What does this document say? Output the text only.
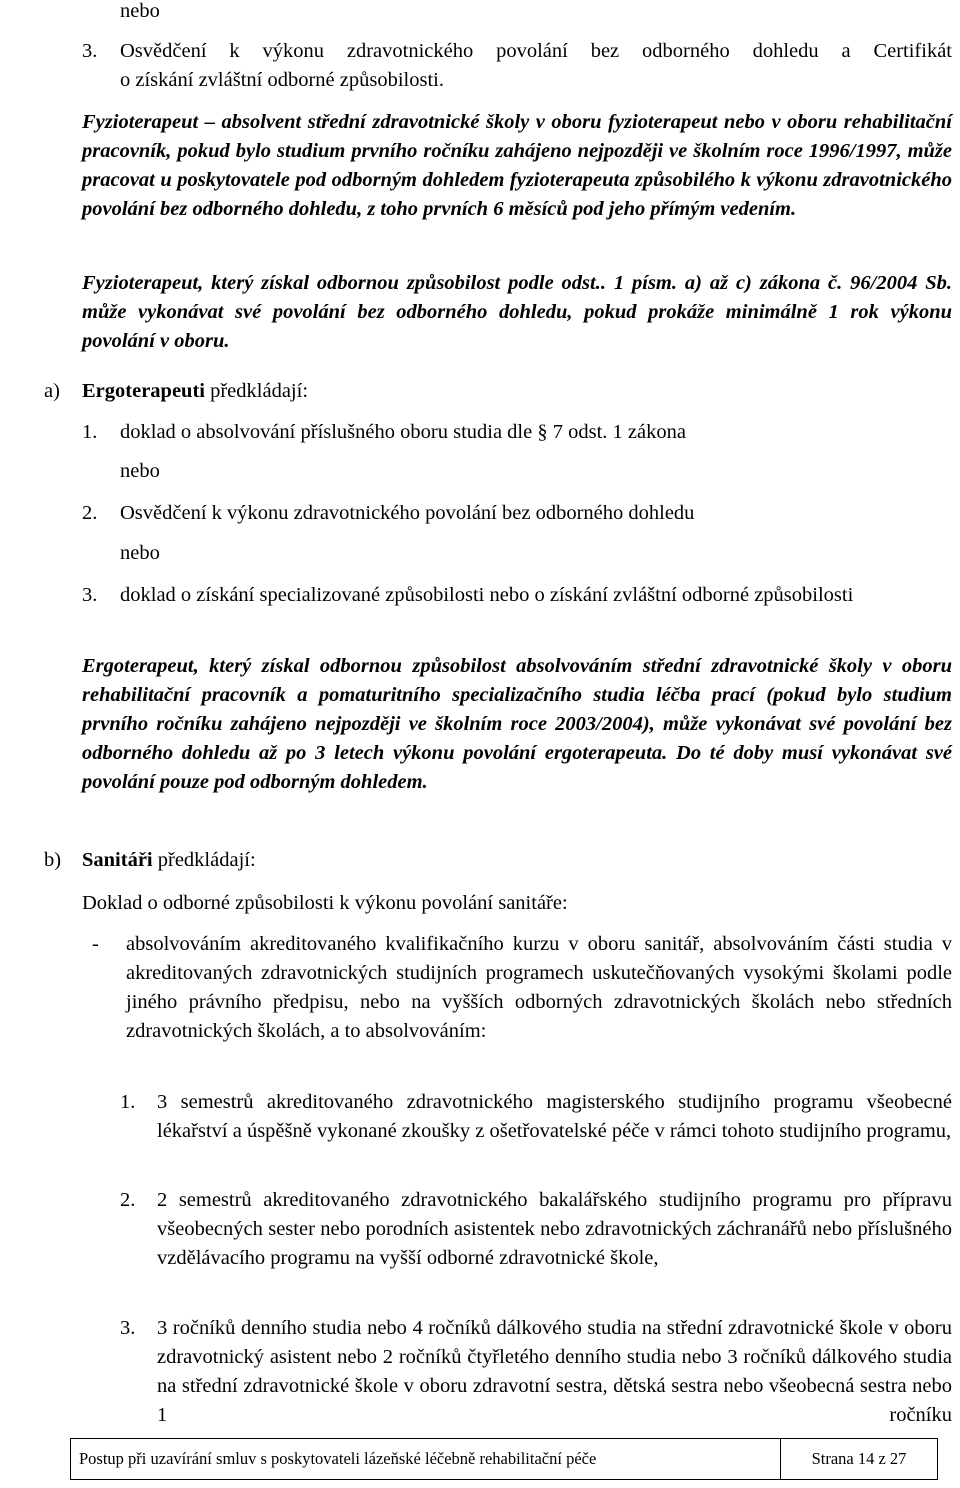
nebo
3. Osvědčení k výkonu zdravotnického povolání bez odborného dohledu a Certifikát
o získání zvláštní odborné způsobilosti.
Fyzioterapeut – absolvent střední zdravotnické školy v oboru fyzioterapeut nebo v oboru rehabilitační pracovník, pokud bylo studium prvního ročníku zahájeno nejpozději ve školním roce 1996/1997, může pracovat u poskytovatele pod odborným dohledem fyzioterapeuta způsobilého k výkonu zdravotnického povolání bez odborného dohledu, z toho prvních 6 měsíců pod jeho přímým vedením.
Fyzioterapeut, který získal odbornou způsobilost podle odst.. 1 písm. a) až c) zákona č. 96/2004 Sb. může vykonávat své povolání bez odborného dohledu, pokud prokáže minimálně 1 rok výkonu povolání v oboru.
a) Ergoterapeuti předkládají:
1. doklad o absolvování příslušného oboru studia dle § 7 odst. 1 zákona
nebo
2. Osvědčení k výkonu zdravotnického povolání bez odborného dohledu
nebo
3. doklad o získání specializované způsobilosti nebo o získání zvláštní odborné způsobilosti
Ergoterapeut, který získal odbornou způsobilost absolvováním střední zdravotnické školy v oboru rehabilitační pracovník a pomaturitního specializačního studia léčba prací (pokud bylo studium prvního ročníku zahájeno nejpozději ve školním roce 2003/2004), může vykonávat své povolání bez odborného dohledu až po 3 letech výkonu povolání ergoterapeuta. Do té doby musí vykonávat své povolání pouze pod odborným dohledem.
b) Sanitáři předkládají:
Doklad o odborné způsobilosti k výkonu povolání sanitáře:
- absolvováním akreditovaného kvalifikačního kurzu v oboru sanitář, absolvováním části studia v akreditovaných zdravotnických studijních programech uskutečňovaných vysokými školami podle jiného právního předpisu, nebo na vyšších odborných zdravotnických školách nebo středních zdravotnických školách, a to absolvováním:
1. 3 semestrů akreditovaného zdravotnického magisterského studijního programu všeobecné lékařství a úspěšně vykonané zkoušky z ošetřovatelské péče v rámci tohoto studijního programu,
2. 2 semestrů akreditovaného zdravotnického bakalářského studijního programu pro přípravu všeobecných sester nebo porodních asistentek nebo zdravotnických záchranářů nebo příslušného vzdělávacího programu na vyšší odborné zdravotnické škole,
3. 3 ročníků denního studia nebo 4 ročníků dálkového studia na střední zdravotnické škole v oboru zdravotnický asistent nebo 2 ročníků čtyřletého denního studia nebo 3 ročníků dálkového studia na střední zdravotnické škole v oboru zdravotní sestra, dětská sestra nebo všeobecná sestra nebo 1 ročníku
Postup při uzavírání smluv s poskytovateli lázeňské léčebně rehabilitační péče	Strana 14 z 27
